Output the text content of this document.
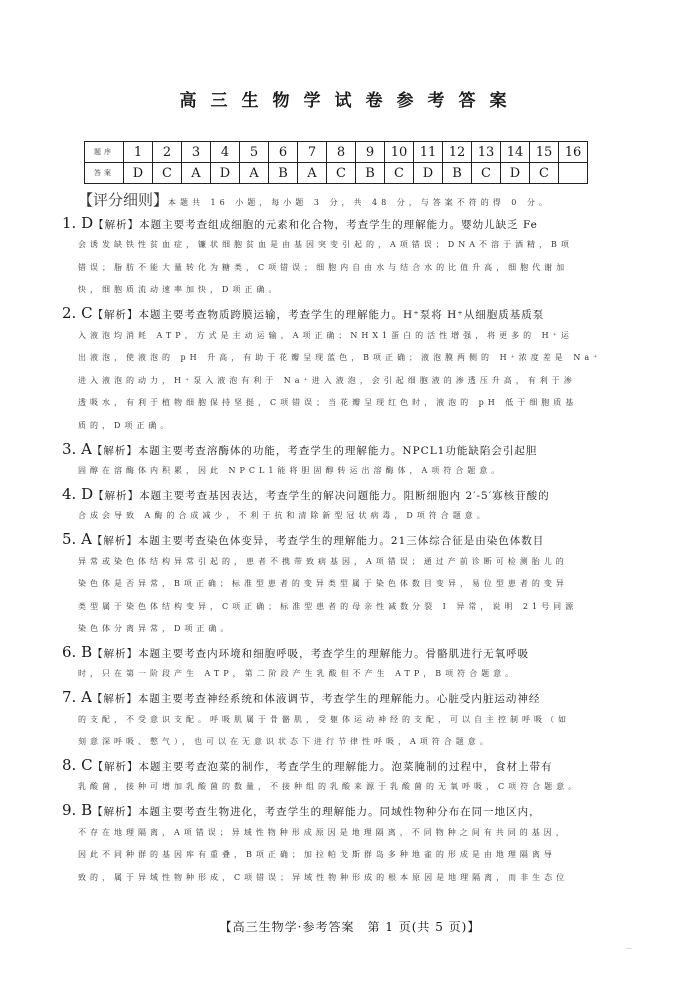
高三生物学试卷参考答案
题序	1	2	3	4	5	6	7	8	9	10	11	12	13	14	15	16
答案	D	C	A	D	A	B	A	C	B	C	D	B	C	D	C	
【评分细则】本题共 16 小题，每小题 3 分，共 48 分，与答案不符的得 0 分。
1. D【解析】本题主要考查组成细胞的元素和化合物，考查学生的理解能力。婴幼儿缺乏 Fe
会诱发缺铁性贫血症，镰状细胞贫血是由基因突变引起的，A项错误；DNA不溶于酒精，B项
错误；脂肪不能大量转化为糖类，C项错误；细胞内自由水与结合水的比值升高，细胞代谢加
快，细胞质流动速率加快，D项正确。
2. C【解析】本题主要考查物质跨膜运输，考查学生的理解能力。H⁺泵将 H⁺从细胞质基质泵
入液泡均消耗 ATP，方式是主动运输，A项正确；NHX1蛋白的活性增强，将更多的 H⁺运
出液泡，使液泡的 pH 升高，有助于花瓣呈现蓝色，B项正确；液泡膜两侧的 H⁺浓度差是 Na⁺
进入液泡的动力，H⁺泵入液泡有利于 Na⁺进入液泡，会引起细胞液的渗透压升高，有利于渗
透吸水，有利于植物细胞保持坚挺，C项错误；当花瓣呈现红色时，液泡的 pH 低于细胞质基
质的，D项正确。
3. A【解析】本题主要考查溶酶体的功能，考查学生的理解能力。NPCL1功能缺陷会引起胆
固醇在溶酶体内积累，因此 NPCL1能将胆固醇转运出溶酶体，A项符合题意。
4. D【解析】本题主要考查基因表达，考查学生的解决问题能力。阻断细胞内 2′-5′寡核苷酸的
合成会导致 A酶的合成减少，不利于抗和清除新型冠状病毒，D项符合题意。
5. A【解析】本题主要考查染色体变异，考查学生的理解能力。21三体综合征是由染色体数目
异常或染色体结构异常引起的，患者不携带致病基因，A项错误；通过产前诊断可检测胎儿的
染色体是否异常，B项正确；标准型患者的变异类型属于染色体数目变异，易位型患者的变异
类型属于染色体结构变异，C项正确；标准型患者的母亲性减数分裂 Ⅰ 异常，说明 21号同源
染色体分离异常，D项正确。
6. B【解析】本题主要考查内环境和细胞呼吸，考查学生的理解能力。骨骼肌进行无氧呼吸
时，只在第一阶段产生 ATP，第二阶段产生乳酸但不产生 ATP，B项符合题意。
7. A【解析】本题主要考查神经系统和体液调节，考查学生的理解能力。心脏受内脏运动神经
的支配，不受意识支配。呼吸肌属于骨骼肌，受躯体运动神经的支配，可以自主控制呼吸（如
刻意深呼吸、憋气），也可以在无意识状态下进行节律性呼吸，A项符合题意。
8. C【解析】本题主要考查泡菜的制作，考查学生的理解能力。泡菜腌制的过程中，食材上带有
乳酸菌，接种可增加乳酸菌的数量，不接种组的乳酸来源于乳酸菌的无氧呼吸，C项符合题意。
9. B【解析】本题主要考查生物进化，考查学生的理解能力。同域性物种分布在同一地区内，
不存在地理隔离，A项错误；异域性物种形成原因是地理隔离，不同物种之间有共同的基因，
因此不同种群的基因库有重叠，B项正确；加拉帕戈斯群岛多种地雀的形成是由地理隔离导
致的，属于异域性物种形成，C项错误；异域性物种形成的根本原因是地理隔离，而非生态位
【高三生物学·参考答案　第 1 页(共 5 页)】
…
